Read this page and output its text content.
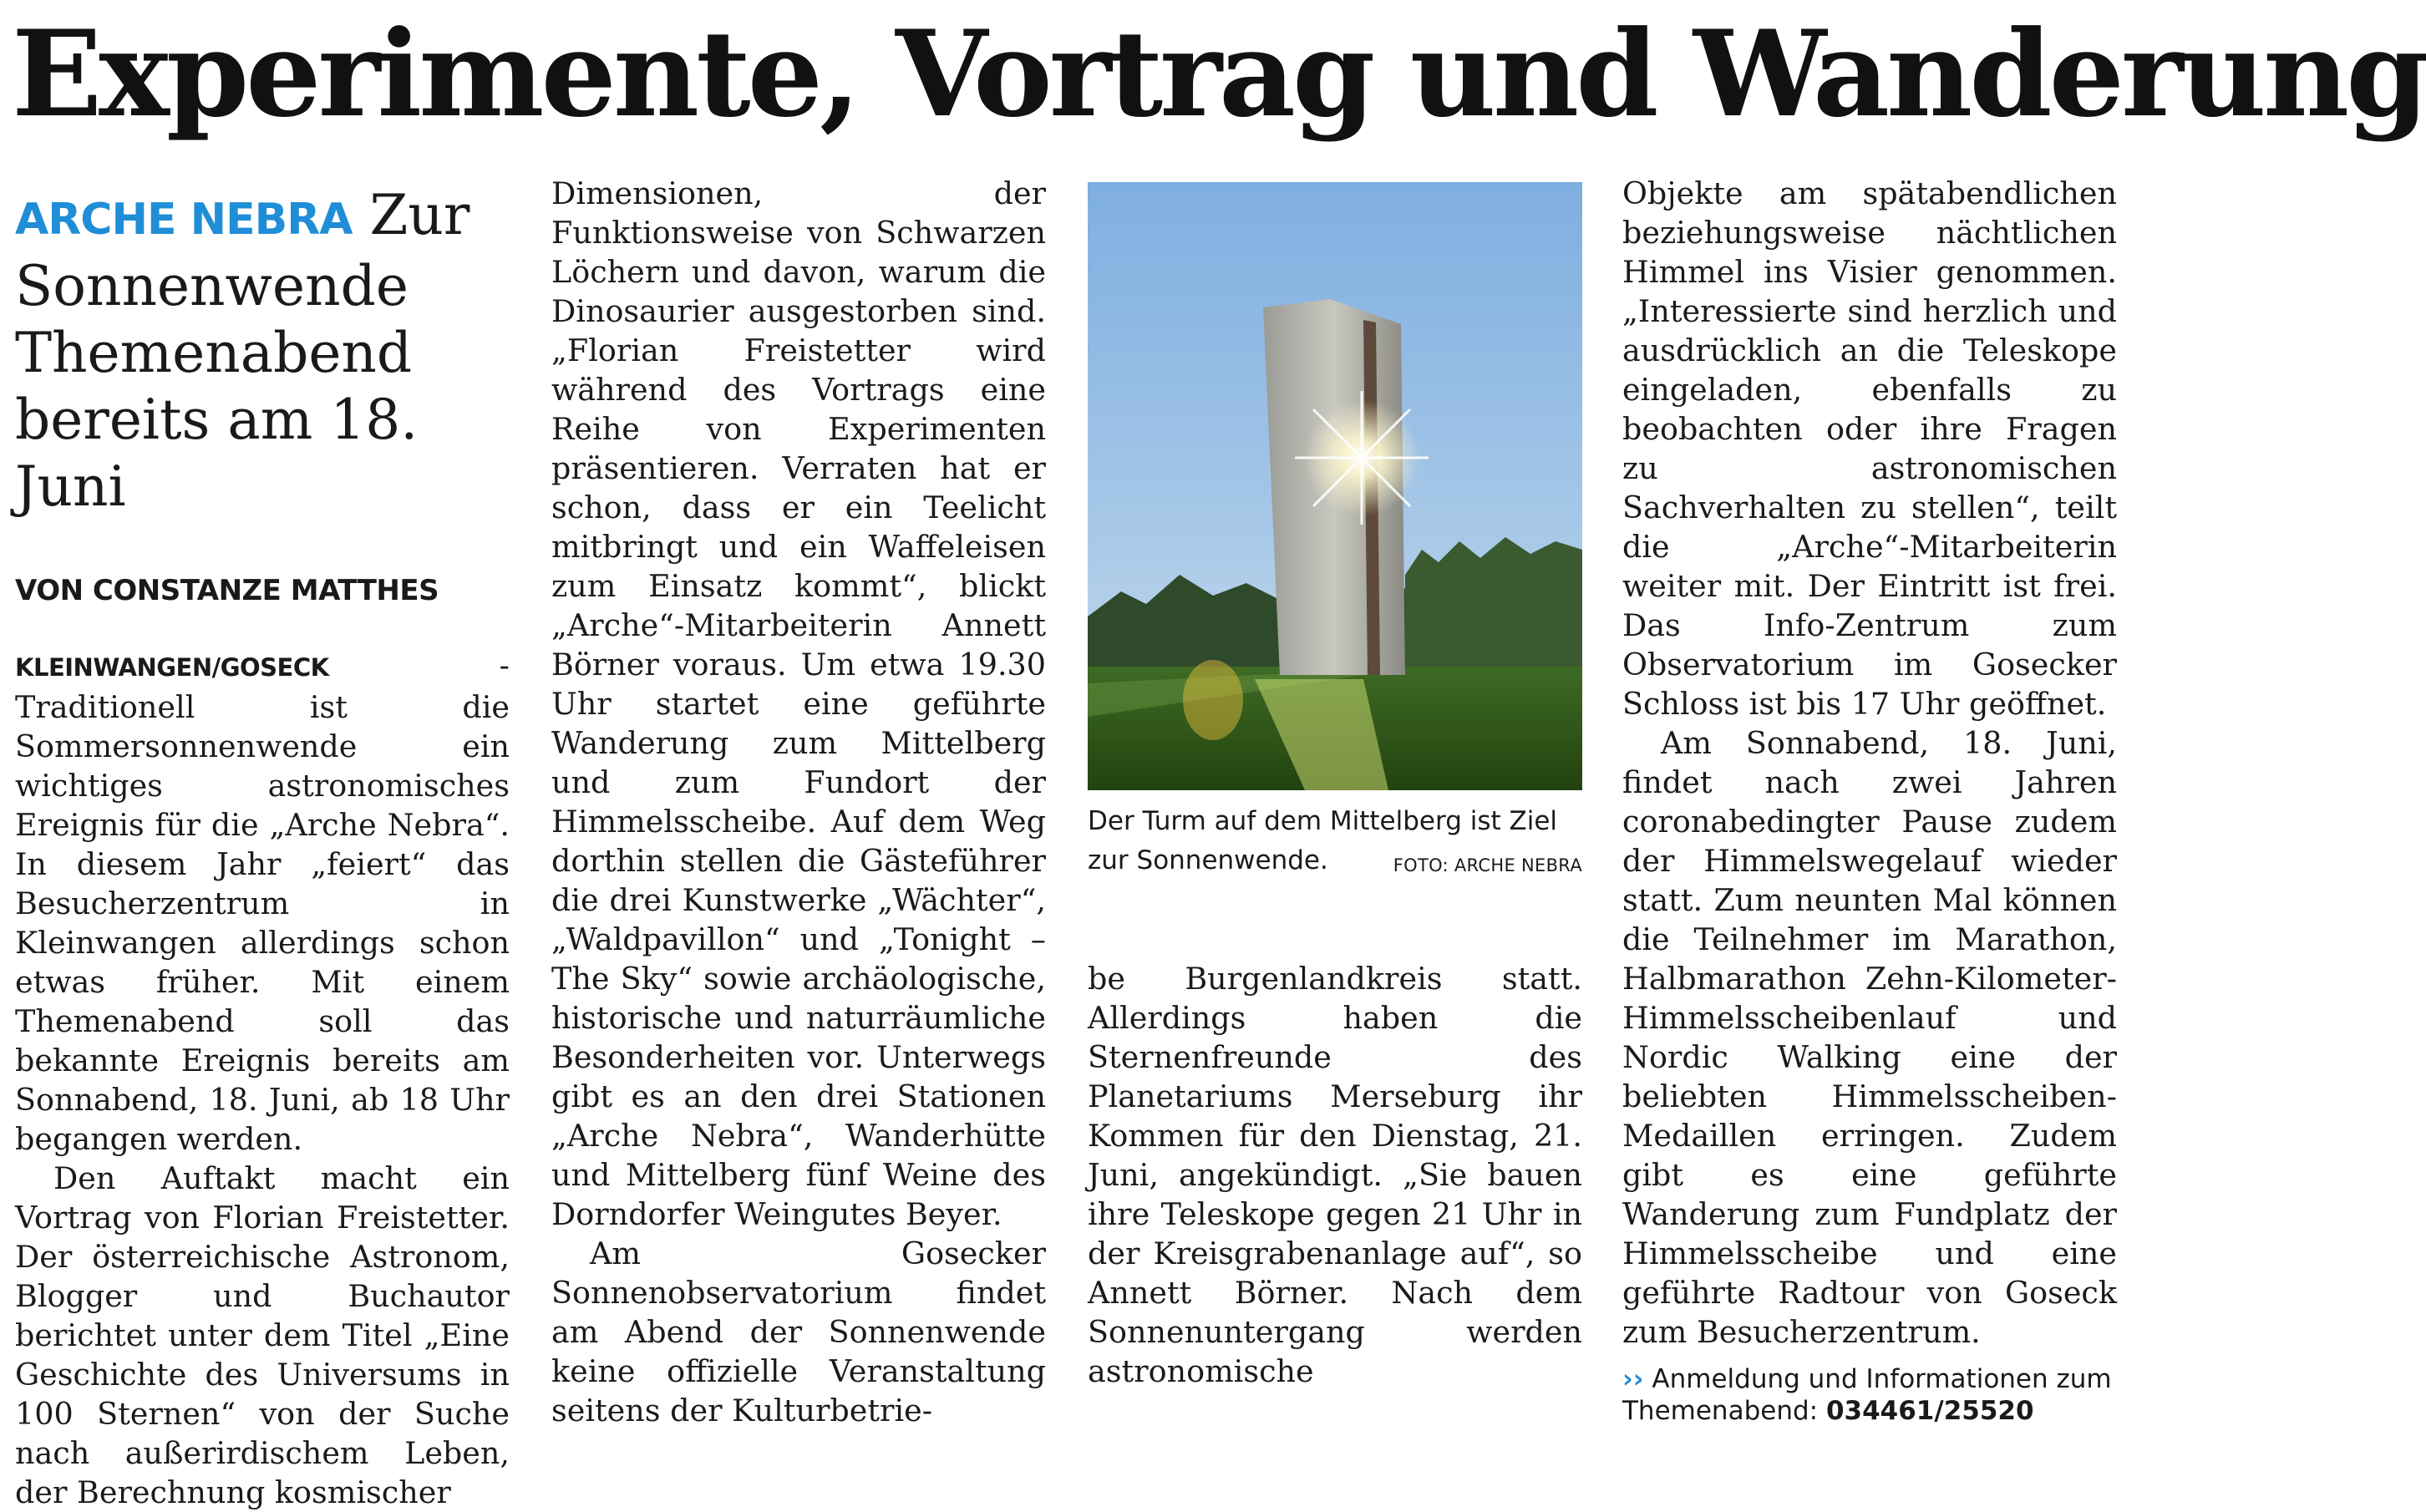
Experimente, Vortrag und Wanderung
ARCHE NEBRA Zur Sonnenwende Themenabend bereits am 18. Juni
VON CONSTANZE MATTHES

KLEINWANGEN/GOSECK - Traditionell ist die Sommersonnenwende ein wichtiges astronomisches Ereignis für die „Arche Nebra“. In diesem Jahr „feiert“ das Besucherzentrum in Kleinwangen allerdings schon etwas früher. Mit einem Themenabend soll das bekannte Ereignis bereits am Sonnabend, 18. Juni, ab 18 Uhr begangen werden.

Den Auftakt macht ein Vortrag von Florian Freistetter. Der österreichische Astronom, Blogger und Buchautor berichtet unter dem Titel „Eine Geschichte des Universums in 100 Sternen“ von der Suche nach außerirdischem Leben, der Berechnung kosmischer

Dimensionen, der Funktionsweise von Schwarzen Löchern und davon, warum die Dinosaurier ausgestorben sind. „Florian Freistetter wird während des Vortrags eine Reihe von Experimenten präsentieren. Verraten hat er schon, dass er ein Teelicht mitbringt und ein Waffeleisen zum Einsatz kommt“, blickt „Arche“-Mitarbeiterin Annett Börner voraus. Um etwa 19.30 Uhr startet eine geführte Wanderung zum Mittelberg und zum Fundort der Himmelsscheibe. Auf dem Weg dorthin stellen die Gästeführer die drei Kunstwerke „Wächter“, „Waldpavillon“ und „Tonight – The Sky“ sowie archäologische, historische und naturräumliche Besonderheiten vor. Unterwegs gibt es an den drei Stationen „Arche Nebra“, Wanderhütte und Mittelberg fünf Weine des Dorndorfer Weingutes Beyer.

Am Gosecker Sonnenobservatorium findet am Abend der Sonnenwende keine offizielle Veranstaltung seitens der Kulturbetrie-

Der Turm auf dem Mittelberg ist Ziel zur Sonnenwende.	FOTO: ARCHE NEBRA

be Burgenlandkreis statt. Allerdings haben die Sternenfreunde des Planetariums Merseburg ihr Kommen für den Dienstag, 21. Juni, angekündigt. „Sie bauen ihre Teleskope gegen 21 Uhr in der Kreisgrabenanlage auf“, so Annett Börner. Nach dem Sonnenuntergang werden astronomische

Objekte am spätabendlichen beziehungsweise nächtlichen Himmel ins Visier genommen. „Interessierte sind herzlich und ausdrücklich an die Teleskope eingeladen, ebenfalls zu beobachten oder ihre Fragen zu astronomischen Sachverhalten zu stellen“, teilt die „Arche“-Mitarbeiterin weiter mit. Der Eintritt ist frei. Das Info-Zentrum zum Observatorium im Gosecker Schloss ist bis 17 Uhr geöffnet.

Am Sonnabend, 18. Juni, findet nach zwei Jahren coronabedingter Pause zudem der Himmelswegelauf wieder statt. Zum neunten Mal können die Teilnehmer im Marathon, Halbmarathon Zehn-Kilometer-Himmelsscheibenlauf und Nordic Walking eine der beliebten Himmelsscheiben-Medaillen erringen. Zudem gibt es eine geführte Wanderung zum Fundplatz der Himmelsscheibe und eine geführte Radtour von Goseck zum Besucherzentrum.

›› Anmeldung und Informationen zum Themenabend: 034461/25520
